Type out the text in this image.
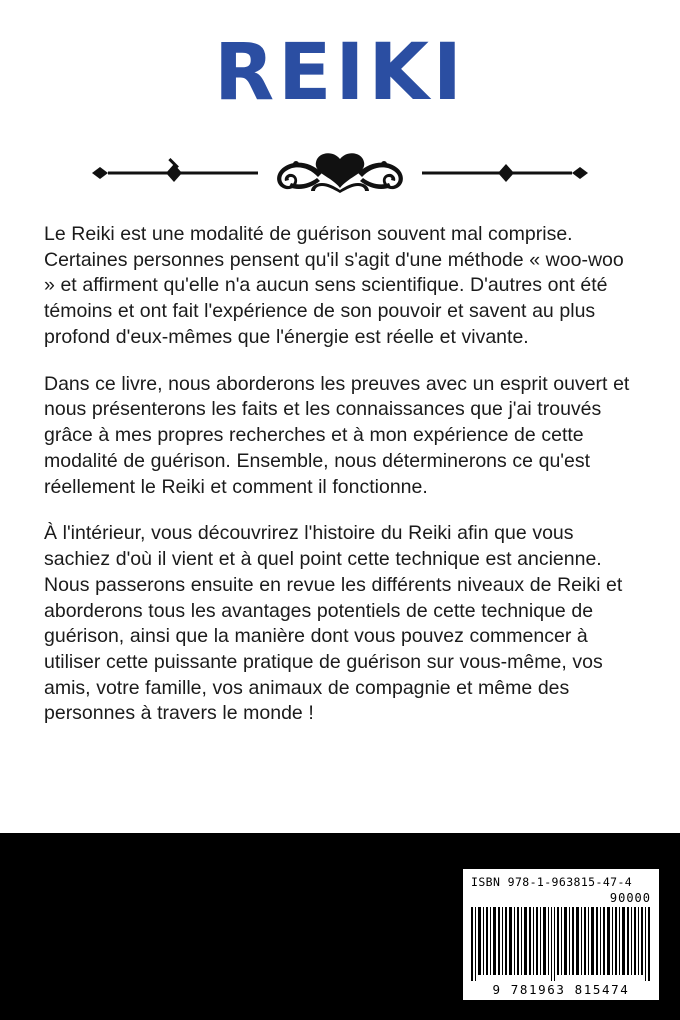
REIKI

Le Reiki est une modalité de guérison souvent mal comprise. Certaines personnes pensent qu'il s'agit d'une méthode « woo-woo » et affirment qu'elle n'a aucun sens scientifique. D'autres ont été témoins et ont fait l'expérience de son pouvoir et savent au plus profond d'eux-mêmes que l'énergie est réelle et vivante.

Dans ce livre, nous aborderons les preuves avec un esprit ouvert et nous présenterons les faits et les connaissances que j'ai trouvés grâce à mes propres recherches et à mon expérience de cette modalité de guérison. Ensemble, nous déterminerons ce qu'est réellement le Reiki et comment il fonctionne.

À l'intérieur, vous découvrirez l'histoire du Reiki afin que vous sachiez d'où il vient et à quel point cette technique est ancienne. Nous passerons ensuite en revue les différents niveaux de Reiki et aborderons tous les avantages potentiels de cette technique de guérison, ainsi que la manière dont vous pouvez commencer à utiliser cette puissante pratique de guérison sur vous-même, vos amis, votre famille, vos animaux de compagnie et même des personnes à travers le monde !

ISBN 978-1-963815-47-4
90000
9 781963 815474
